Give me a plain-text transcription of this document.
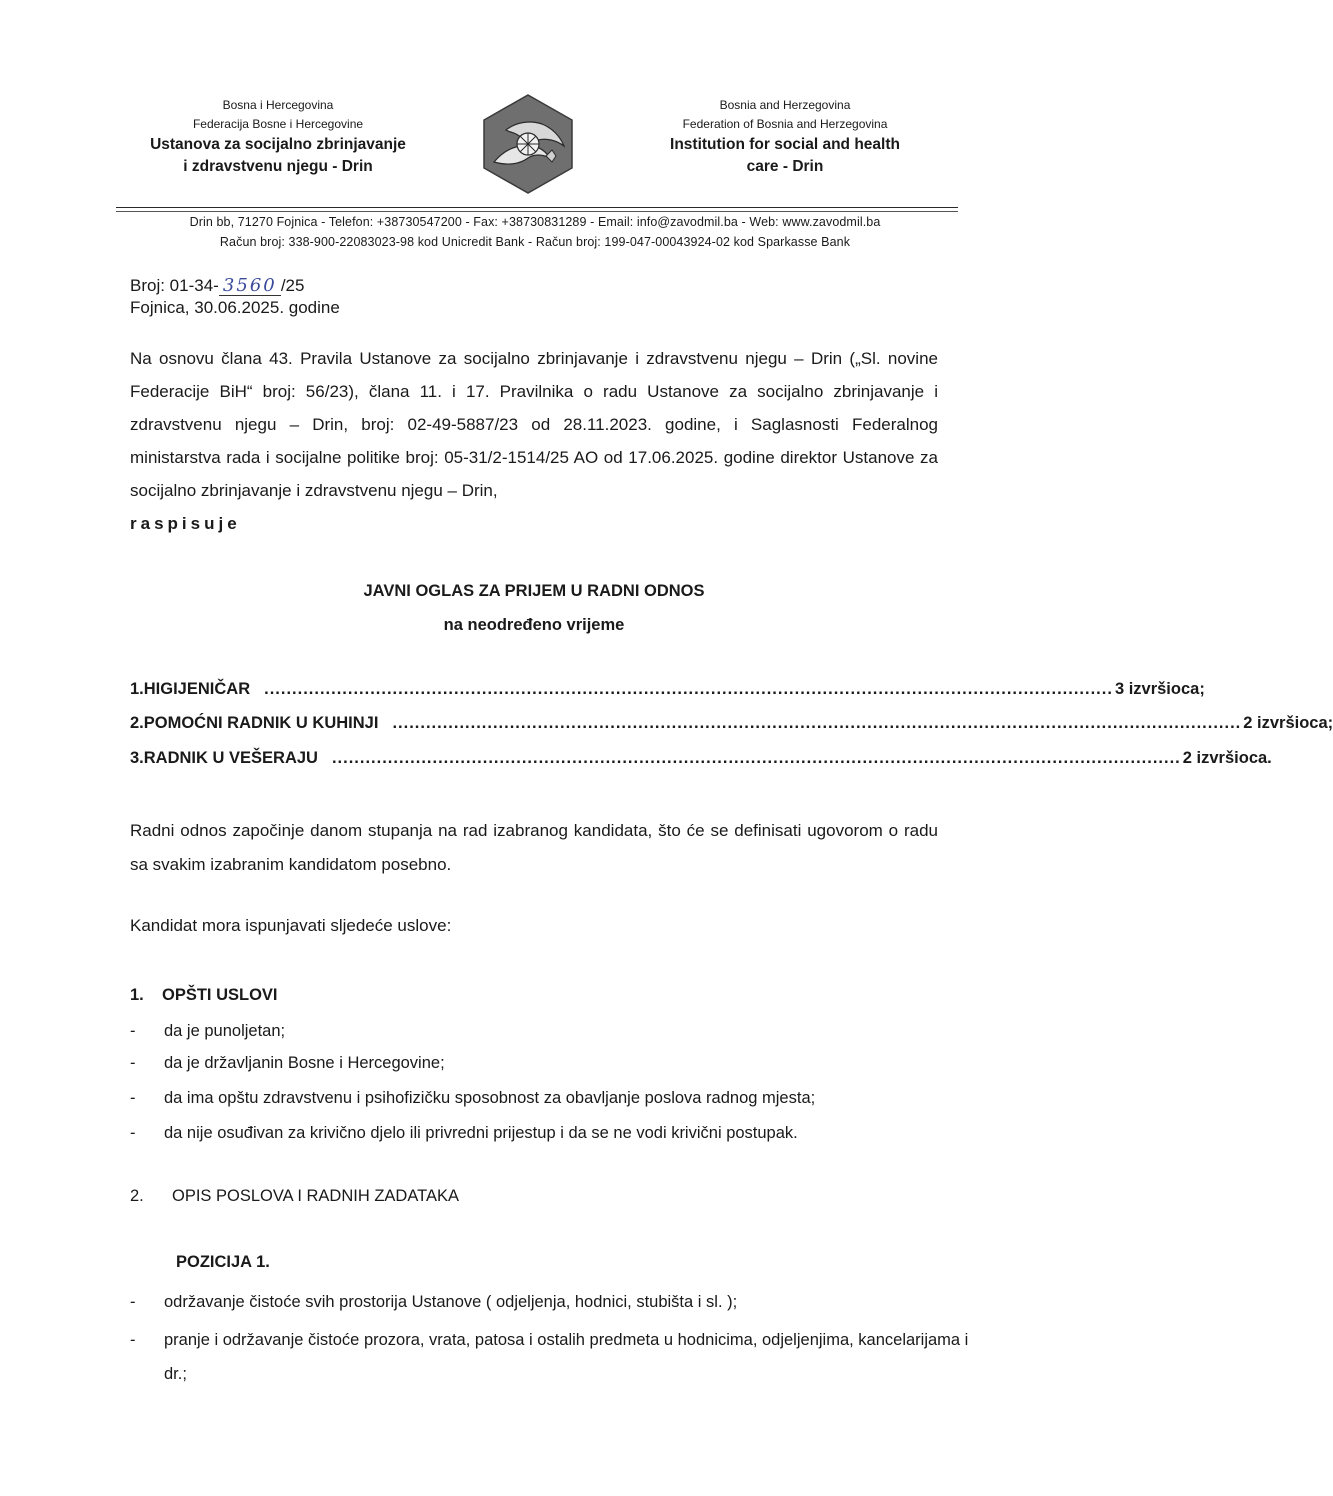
Bosna i Hercegovina
Federacija Bosne i Hercegovine
Ustanova za socijalno zbrinjavanje
i zdravstvenu njegu - Drin
Bosnia and Herzegovina
Federation of Bosnia and Herzegovina
Institution for social and health
care - Drin
Drin bb, 71270 Fojnica - Telefon: +38730547200 - Fax: +38730831289 - Email: info@zavodmil.ba - Web: www.zavodmil.ba
Račun broj: 338-900-22083023-98 kod Unicredit Bank - Račun broj: 199-047-00043924-02 kod Sparkasse Bank
Broj: 01-34- 3560 /25
Fojnica, 30.06.2025. godine
Na osnovu člana 43. Pravila Ustanove za socijalno zbrinjavanje i zdravstvenu njegu – Drin („Sl. novine Federacije BiH“ broj: 56/23), člana 11. i 17. Pravilnika o radu Ustanove za socijalno zbrinjavanje i zdravstvenu njegu – Drin, broj: 02-49-5887/23 od 28.11.2023. godine, i Saglasnosti Federalnog ministarstva rada i socijalne politike broj: 05-31/2-1514/25 AO od 17.06.2025. godine direktor Ustanove za socijalno zbrinjavanje i zdravstvenu njegu – Drin,
raspisuje
JAVNI OGLAS ZA PRIJEM U RADNI ODNOS
na neodređeno vrijeme
1. HIGIJENIČAR ........................................................................................................................................................ 3 izvršioca;
2. POMOĆNI RADNIK U KUHINJI ........................................................................................................................................................ 2 izvršioca;
3. RADNIK U VEŠERAJU ........................................................................................................................................................ 2 izvršioca.
Radni odnos započinje danom stupanja na rad izabranog kandidata, što će se definisati ugovorom o radu sa svakim izabranim kandidatom posebno.
Kandidat mora ispunjavati sljedeće uslove:
1. OPŠTI USLOVI
-	da je punoljetan;
-	da je državljanin Bosne i Hercegovine;
-	da ima opštu zdravstvenu i psihofizičku sposobnost za obavljanje poslova radnog mjesta;
-	da nije osuđivan za krivično djelo ili privredni prijestup i da se ne vodi krivični postupak.
2. OPIS POSLOVA I RADNIH ZADATAKA
POZICIJA 1.
-	održavanje čistoće svih prostorija Ustanove ( odjeljenja, hodnici, stubišta i sl. );
-	pranje i održavanje čistoće prozora, vrata, patosa i ostalih predmeta u hodnicima, odjeljenjima, kancelarijama i dr.;
